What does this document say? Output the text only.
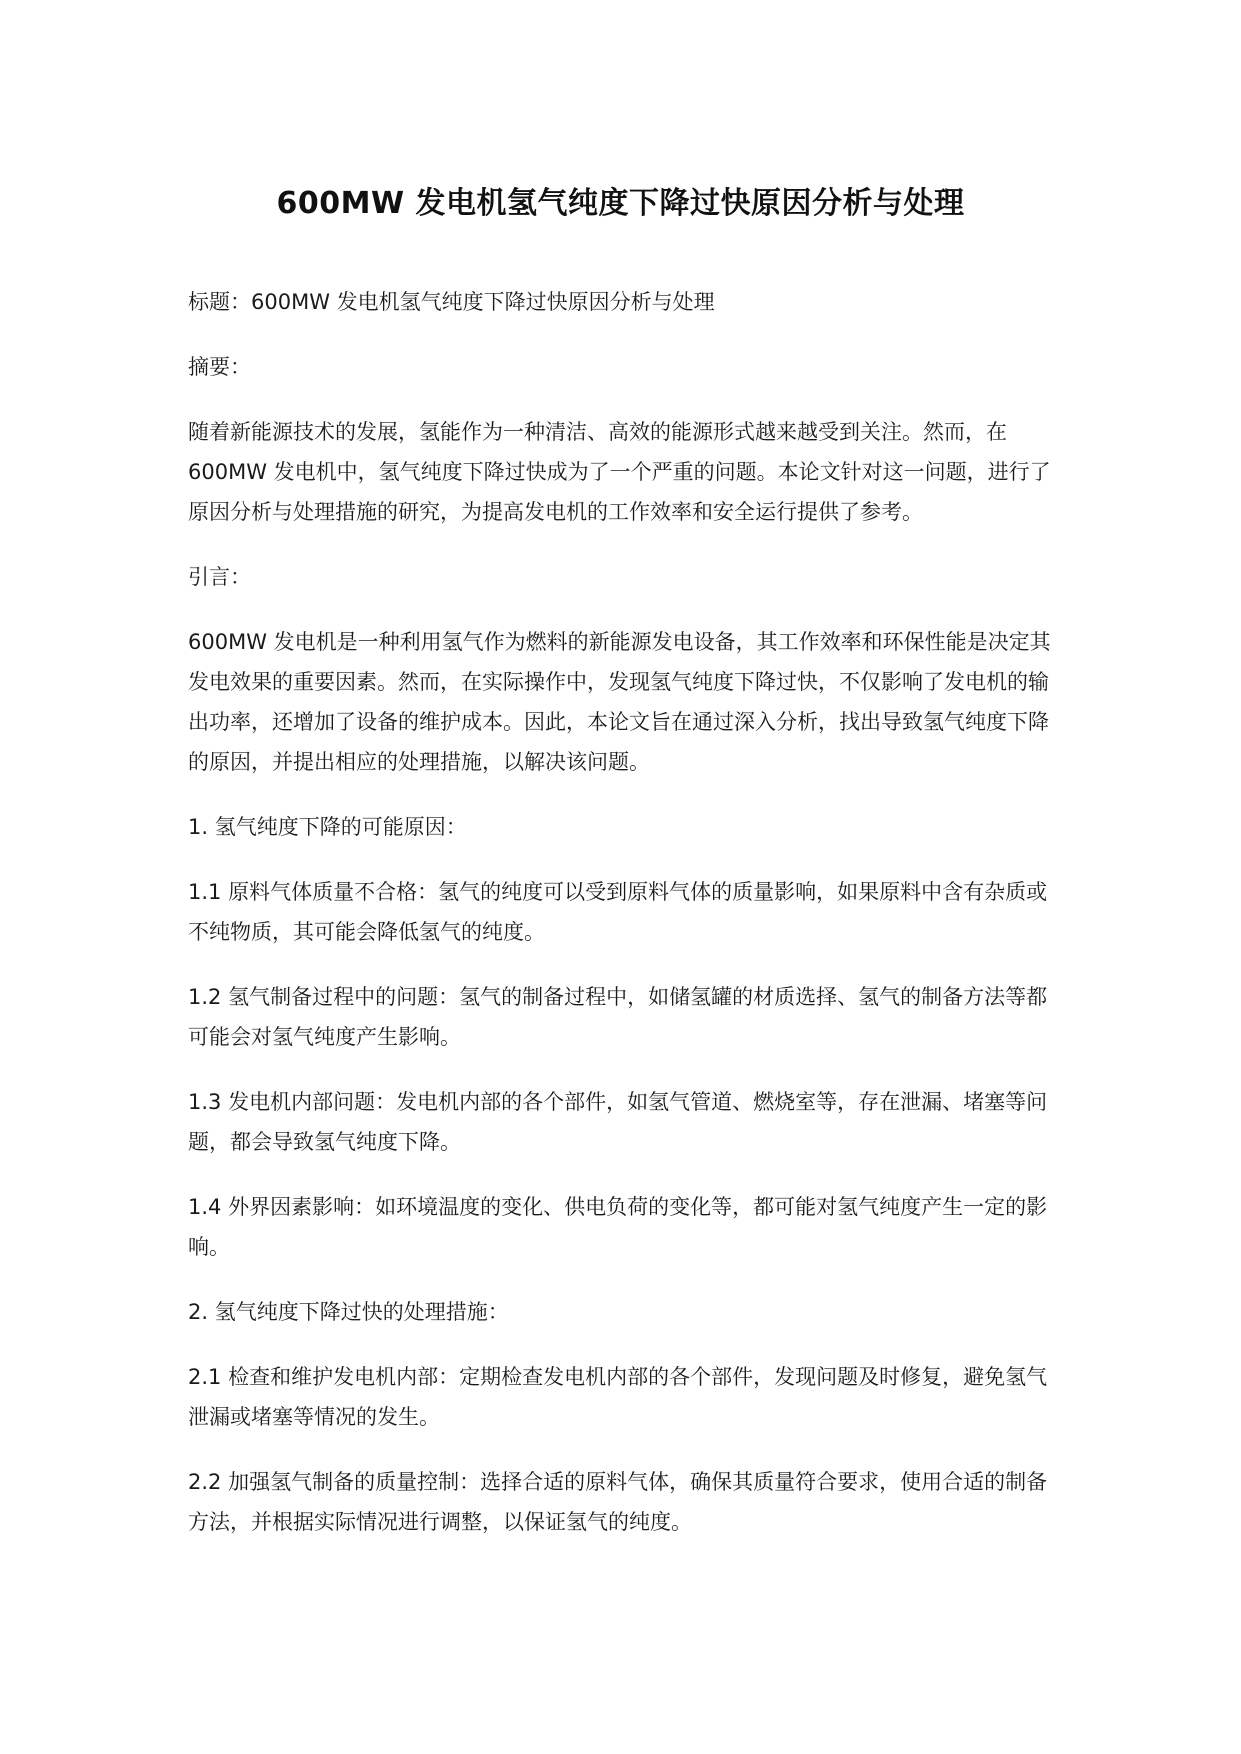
600MW 发电机氢气纯度下降过快原因分析与处理

标题：600MW 发电机氢气纯度下降过快原因分析与处理

摘要：

随着新能源技术的发展，氢能作为一种清洁、高效的能源形式越来越受到关注。然而，在 600MW 发电机中，氢气纯度下降过快成为了一个严重的问题。本论文针对这一问题，进行了原因分析与处理措施的研究，为提高发电机的工作效率和安全运行提供了参考。

引言：

600MW 发电机是一种利用氢气作为燃料的新能源发电设备，其工作效率和环保性能是决定其发电效果的重要因素。然而，在实际操作中，发现氢气纯度下降过快，不仅影响了发电机的输出功率，还增加了设备的维护成本。因此，本论文旨在通过深入分析，找出导致氢气纯度下降的原因，并提出相应的处理措施，以解决该问题。

1. 氢气纯度下降的可能原因：

1.1 原料气体质量不合格：氢气的纯度可以受到原料气体的质量影响，如果原料中含有杂质或不纯物质，其可能会降低氢气的纯度。

1.2 氢气制备过程中的问题：氢气的制备过程中，如储氢罐的材质选择、氢气的制备方法等都可能会对氢气纯度产生影响。

1.3 发电机内部问题：发电机内部的各个部件，如氢气管道、燃烧室等，存在泄漏、堵塞等问题，都会导致氢气纯度下降。

1.4 外界因素影响：如环境温度的变化、供电负荷的变化等，都可能对氢气纯度产生一定的影响。

2. 氢气纯度下降过快的处理措施：

2.1 检查和维护发电机内部：定期检查发电机内部的各个部件，发现问题及时修复，避免氢气泄漏或堵塞等情况的发生。

2.2 加强氢气制备的质量控制：选择合适的原料气体，确保其质量符合要求，使用合适的制备方法，并根据实际情况进行调整，以保证氢气的纯度。
